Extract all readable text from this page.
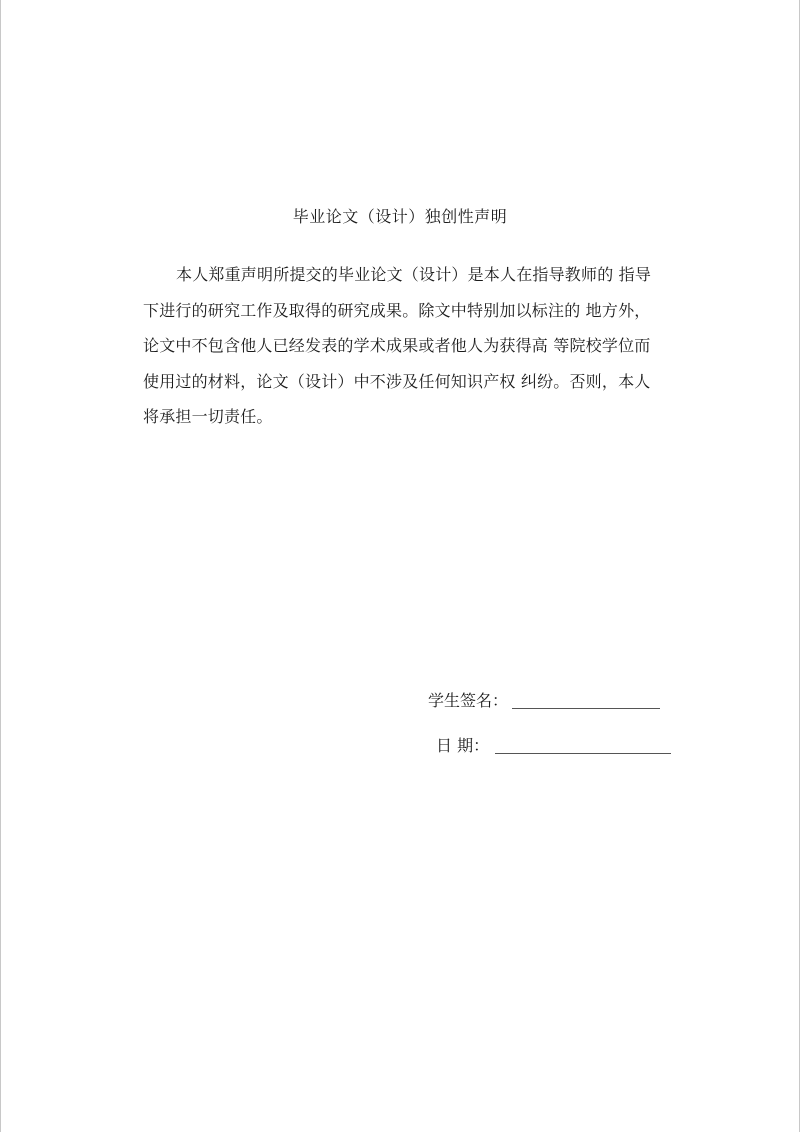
毕业论文（设计）独创性声明
本人郑重声明所提交的毕业论文（设计）是本人在指导教师的 指导
下进行的研究工作及取得的研究成果。除文中特别加以标注的 地方外，
论文中不包含他人已经发表的学术成果或者他人为获得高 等院校学位而
使用过的材料，论文（设计）中不涉及任何知识产权 纠纷。否则，本人
将承担一切责任。
学生签名：
日 期：
